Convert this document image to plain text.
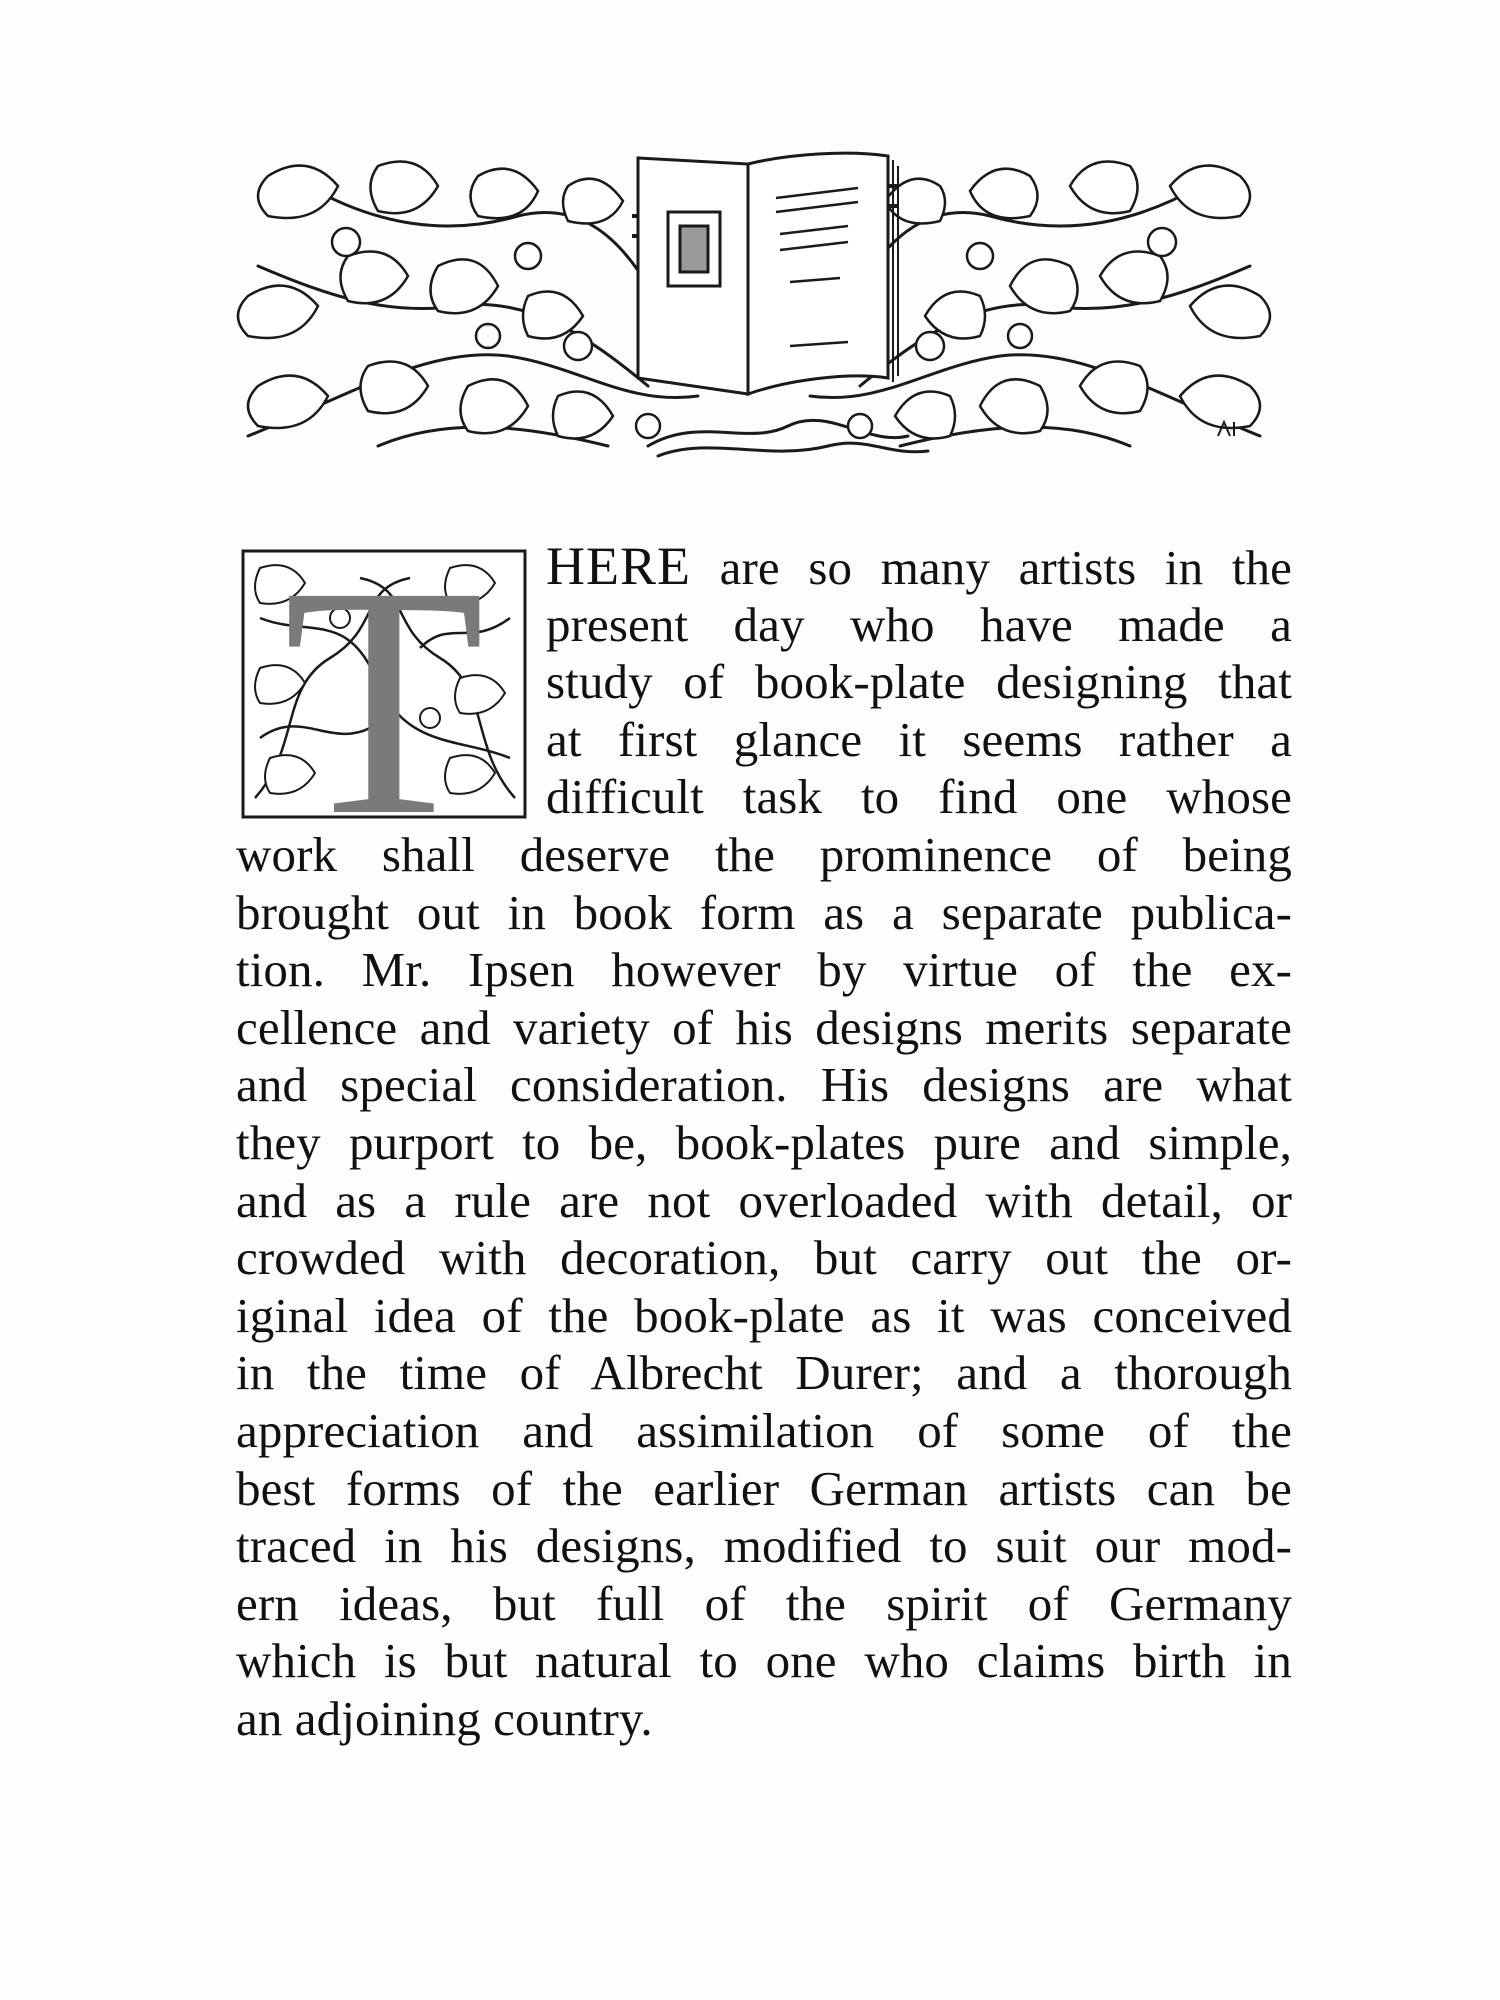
T	HERE are so many artists in the
present day who have made a
study of book-plate designing that
at first glance it seems rather a
difficult task to find one whose
work shall deserve the prominence of being
brought out in book form as a separate publica-
tion. Mr. Ipsen however by virtue of the ex-
cellence and variety of his designs merits separate
and special consideration. His designs are what
they purport to be, book-plates pure and simple,
and as a rule are not overloaded with detail, or
crowded with decoration, but carry out the or-
iginal idea of the book-plate as it was conceived
in the time of Albrecht Durer; and a thorough
appreciation and assimilation of some of the
best forms of the earlier German artists can be
traced in his designs, modified to suit our mod-
ern ideas, but full of the spirit of Germany
which is but natural to one who claims birth in
an adjoining country.
